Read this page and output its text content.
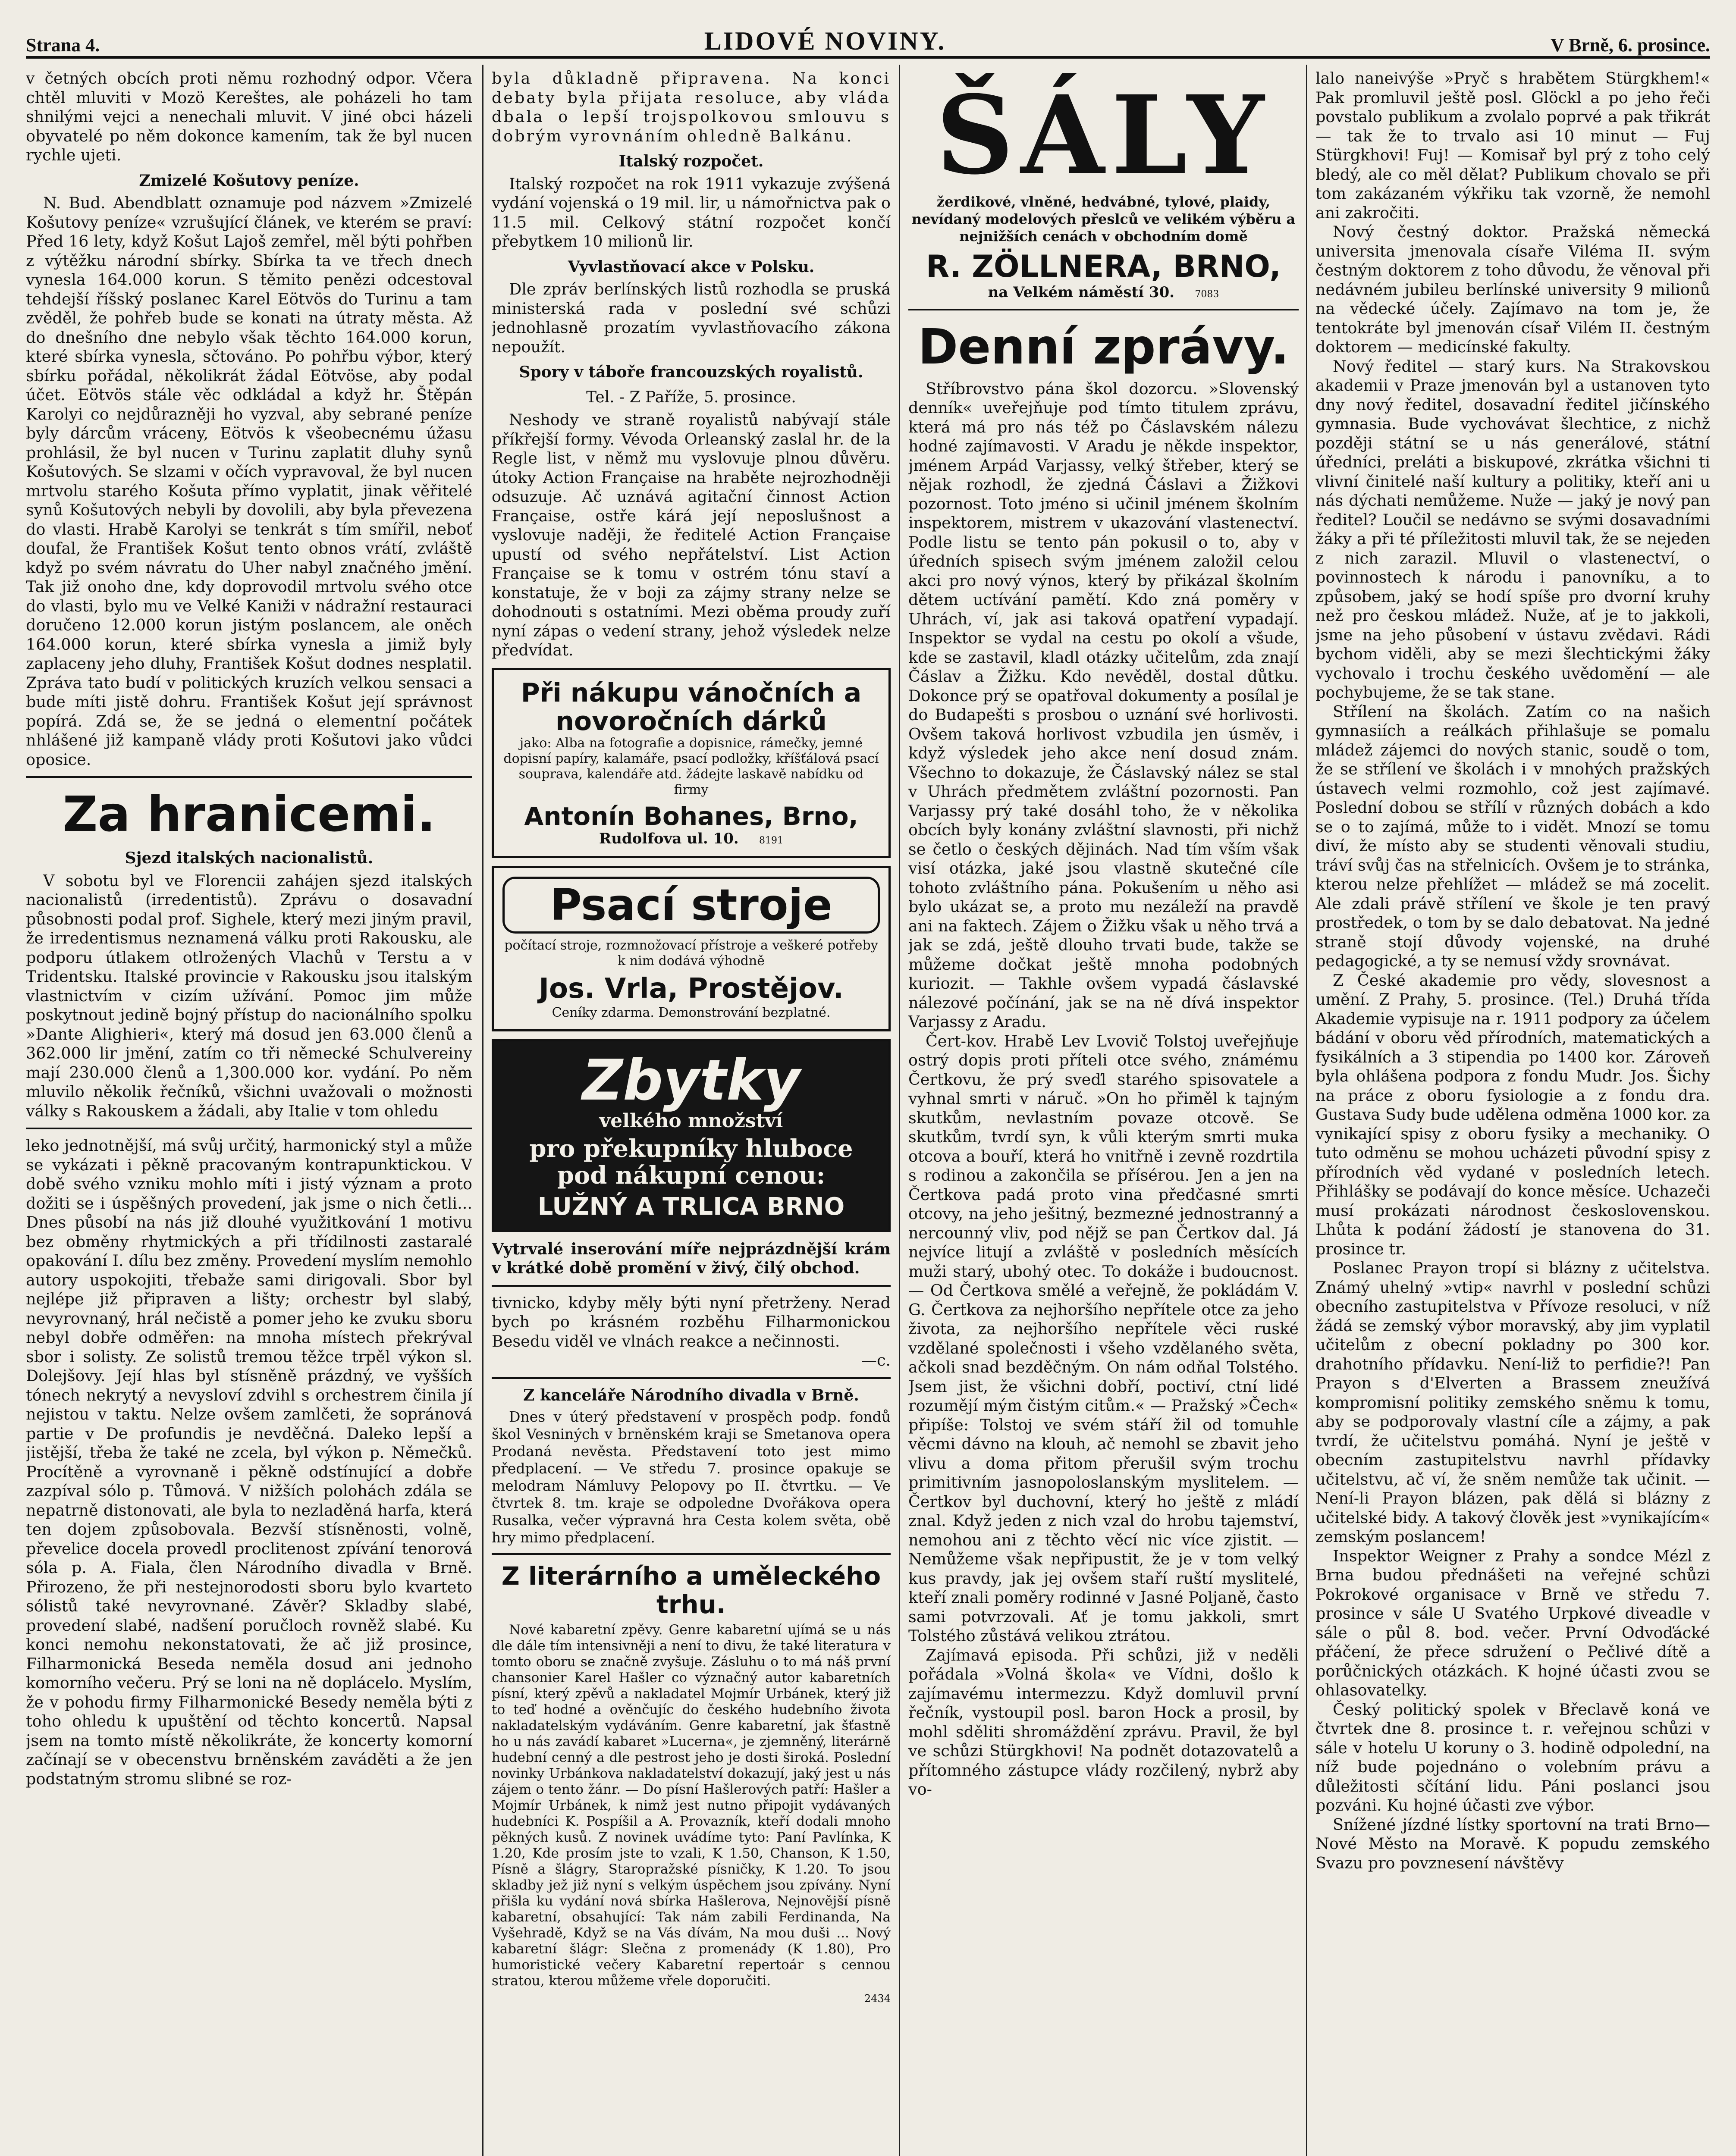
Strana 4.	LIDOVÉ NOVINY.	V Brně, 6. prosince.

v četných obcích proti němu rozhodný odpor. Včera chtěl mluviti v Mozö Kereštes, ale poházeli ho tam shnilými vejci a nenechali mluvit. V jiné obci házeli obyvatelé po něm dokonce kamením, tak že byl nucen rychle ujeti.

Zmizelé Košutovy peníze.

N. Bud. Abendblatt oznamuje pod názvem »Zmizelé Košutovy peníze« vzrušující článek, ve kterém se praví: Před 16 lety, když Košut Lajoš zemřel, měl býti pohřben z výtěžku národní sbírky. Sbírka ta ve třech dnech vynesla 164.000 korun. S těmito penězi odcestoval tehdejší říšský poslanec Karel Eötvös do Turinu a tam zvěděl, že pohřeb bude se konati na útraty města. Až do dnešního dne nebylo však těchto 164.000 korun, které sbírka vynesla, sčtováno. Po pohřbu výbor, který sbírku pořádal, několikrát žádal Eötvöse, aby podal účet. Eötvös stále věc odkládal a když hr. Štěpán Karolyi co nejdůrazněji ho vyzval, aby sebrané peníze byly dárcům vráceny, Eötvös k všeobecnému úžasu prohlásil, že byl nucen v Turinu zaplatit dluhy synů Košutových. Se slzami v očích vypravoval, že byl nucen mrtvolu starého Košuta přímo vyplatit, jinak věřitelé synů Košutových nebyli by dovolili, aby byla převezena do vlasti. Hrabě Karolyi se tenkrát s tím smířil, neboť doufal, že František Košut tento obnos vrátí, zvláště když po svém návratu do Uher nabyl značného jmění. Tak již onoho dne, kdy doprovodil mrtvolu svého otce do vlasti, bylo mu ve Velké Kaniži v nádražní restauraci doručeno 12.000 korun jistým poslancem, ale oněch 164.000 korun, které sbírka vynesla a jimiž byly zaplaceny jeho dluhy, František Košut dodnes nesplatil. Zpráva tato budí v politických kruzích velkou sensaci a bude míti jistě dohru. František Košut její správnost popírá. Zdá se, že se jedná o elementní počátek nhlášené již kampaně vlády proti Košutovi jako vůdci oposice.

Za hranicemi.
Sjezd italských nacionalistů.

V sobotu byl ve Florencii zahájen sjezd italských nacionalistů (irredentistů). Zprávu o dosavadní působnosti podal prof. Sighele, který mezi jiným pravil, že irredentismus neznamená válku proti Rakousku, ale podporu útlakem otlrožených Vlachů v Terstu a v Tridentsku. Italské provincie v Rakousku jsou italským vlastnictvím v cizím užívání. Pomoc jim může poskytnout jedině bojný přístup do nacionálního spolku »Dante Alighieri«, který má dosud jen 63.000 členů a 362.000 lir jmění, zatím co tři německé Schulvereiny mají 230.000 členů a 1,300.000 kor. vydání. Po něm mluvilo několik řečníků, všichni uvažovali o možnosti války s Rakouskem a žádali, aby Italie v tom ohledu

leko jednotnější, má svůj určitý, harmonický styl a může se vykázati i pěkně pracovaným kontrapunktickou. V době svého vzniku mohlo míti i jistý význam a proto dožiti se i úspěšných provedení, jak jsme o nich četli... Dnes působí na nás již dlouhé využitkování 1 motivu bez obměny rhytmických a při třídilnosti zastaralé opakování I. dílu bez změny. Provedení myslím nemohlo autory uspokojiti, třebaže sami dirigovali. Sbor byl nejlépe již připraven a lišty; orchestr byl slabý, nevyrovnaný, hrál nečistě a pomer jeho ke zvuku sboru nebyl dobře odměřen: na mnoha místech překrýval sbor i solisty. Ze solistů tremou těžce trpěl výkon sl. Dolejšovy. Její hlas byl stísněně prázdný, ve vyšších tónech nekrytý a nevysloví zdvihl s orchestrem činila jí nejistou v taktu. Nelze ovšem zamlčeti, že sopránová partie v De profundis je nevděčná. Daleko lepší a jistější, třeba že také ne zcela, byl výkon p. Němečků. Procítěně a vyrovnaně i pěkně odstínující a dobře zazpíval sólo p. Tůmová. V nižších polohách zdála se nepatrně distonovati, ale byla to nezladěná harfa, která ten dojem způsobovala. Bezvší stísněnosti, volně, převelice docela provedl proclitenost zpívání tenorová sóla p. A. Fiala, člen Národního divadla v Brně. Přirozeno, že při nestejnorodosti sboru bylo kvarteto sólistů také nevyrovnané. Závěr? Skladby slabé, provedení slabé, nadšení poručloch rovněž slabé. Ku konci nemohu nekonstatovati, že ač již prosince, Filharmonická Beseda neměla dosud ani jednoho komorního večeru. Prý se loni na ně doplácelo. Myslím, že v pohodu firmy Filharmonické Besedy neměla býti z toho ohledu k upuštění od těchto koncertů. Napsal jsem na tomto místě několikráte, že koncerty komorní začínají se v obecenstvu brněnském zaváděti a že jen podstatným stromu slibné se roz-

byla důkladně připravena. Na konci debaty byla přijata resoluce, aby vláda dbala o lepší trojspolkovou smlouvu s dobrým vyrovnáním ohledně Balkánu.

Italský rozpočet.

Italský rozpočet na rok 1911 vykazuje zvýšená vydání vojenská o 19 mil. lir, u námořnictva pak o 11.5 mil. Celkový státní rozpočet končí přebytkem 10 milionů lir.

Vyvlastňovací akce v Polsku.

Dle zpráv berlínských listů rozhodla se pruská ministerská rada v poslední své schůzi jednohlasně prozatím vyvlastňovacího zákona nepoužít.

Spory v táboře francouzských royalistů.
Tel. - Z Paříže, 5. prosince.

Neshody ve straně royalistů nabývají stále příkřejší formy. Vévoda Orleanský zaslal hr. de la Regle list, v němž mu vyslovuje plnou důvěru. útoky Action Française na hraběte nejrozhodněji odsuzuje. Ač uznává agitační činnost Action Française, ostře kárá její neposlušnost a vyslovuje naději, že ředitelé Action Française upustí od svého nepřátelství. List Action Française se k tomu v ostrém tónu staví a konstatuje, že v boji za zájmy strany nelze se dohodnouti s ostatními. Mezi oběma proudy zuří nyní zápas o vedení strany, jehož výsledek nelze předvídat.

Při nákupu vánočních a novoročních dárků
jako: Alba na fotografie a dopisnice, rámečky, jemné dopisní papíry, kalamáře, psací podložky, kříšťálová psací souprava, kalendáře atd. žádejte laskavě nabídku od firmy
Antonín Bohanes, Brno,
Rudolfova ul. 10. 8191
Psací stroje
počítací stroje, rozmnožovací přístroje a veškeré potřeby k nim dodává výhodně
Jos. Vrla, Prostějov.
Ceníky zdarma. Demonstrování bezplatné.
Zbytky
velkého množství
pro překupníky hluboce pod nákupní cenou:
LUŽNÝ A TRLICA BRNO

Vytrvalé inserování míře nejprázdnější krám v krátké době promění v živý, čilý obchod.

tivnicko, kdyby měly býti nyní přetrženy. Nerad bych po krásném rozběhu Filharmonickou Besedu viděl ve vlnách reakce a nečinnosti.

—c.
Z kanceláře Národního divadla v Brně.

Dnes v úterý představení v prospěch podp. fondů škol Vesniných v brněnském kraji se Smetanova opera Prodaná nevěsta. Představení toto jest mimo předplacení. — Ve středu 7. prosince opakuje se melodram Námluvy Pelopovy po II. čtvrtku. — Ve čtvrtek 8. tm. kraje se odpoledne Dvořákova opera Rusalka, večer výpravná hra Cesta kolem světa, obě hry mimo předplacení.

Z literárního a uměleckého trhu.

Nové kabaretní zpěvy. Genre kabaretní ujímá se u nás dle dále tím intensivněji a není to divu, že také literatura v tomto oboru se značně zvyšuje. Zásluhu o to má náš první chansonier Karel Hašler co význačný autor kabaretních písní, který zpěvů a nakladatel Mojmír Urbánek, který již to teď hodné a ověnčujíc do českého hudebního života nakladatelským vydáváním. Genre kabaretní, jak šťastně ho u nás zavádí kabaret »Lucerna«, je zjemněný, literárně hudební cenný a dle pestrost jeho je dosti široká. Poslední novinky Urbánkova nakladatelství dokazují, jaký jest u nás zájem o tento žánr. — Do písní Hašlerových patří: Hašler a Mojmír Urbánek, k nimž jest nutno připojit vydávaných hudebníci K. Pospíšil a A. Provazník, kteří dodali mnoho pěkných kusů. Z novinek uvádíme tyto: Paní Pavlínka, K 1.20, Kde prosím jste to vzali, K 1.50, Chanson, K 1.50, Písně a šlágry, Staropražské písničky, K 1.20. To jsou skladby jež již nyní s velkým úspěchem jsou zpívány. Nyní přišla ku vydání nová sbírka Hašlerova, Nejnovější písně kabaretní, obsahující: Tak nám zabili Ferdinanda, Na Vyšehradě, Když se na Vás dívám, Na mou duši ... Nový kabaretní šlágr: Slečna z promenády (K 1.80), Pro humoristické večery Kabaretní repertoár s cennou stratou, kterou můžeme vřele doporučiti.

2434
ŠÁLY
žerdikové, vlněné, hedvábné, tylové, plaidy, nevídaný modelových přeslců ve velikém výběru a nejnižších cenách v obchodním domě
R. ZÖLLNERA, BRNO,
na Velkém náměstí 30. 7083
Denní zprávy.

Stříbrovstvo pána škol dozorcu. »Slovenský denník« uveřejňuje pod tímto titulem zprávu, která má pro nás též po Čáslavském nálezu hodné zajímavosti. V Aradu je někde inspektor, jménem Arpád Varjassy, velký štřeber, který se nějak rozhodl, že zjedná Čáslavi a Žižkovi pozornost. Toto jméno si učinil jménem školním inspektorem, mistrem v ukazování vlastenectví. Podle listu se tento pán pokusil o to, aby v úředních spisech svým jménem založil celou akci pro nový výnos, který by přikázal školním dětem uctívání pamětí. Kdo zná poměry v Uhrách, ví, jak asi taková opatření vypadají. Inspektor se vydal na cestu po okolí a všude, kde se zastavil, kladl otázky učitelům, zda znají Čáslav a Žižku. Kdo nevěděl, dostal důtku. Dokonce prý se opatřoval dokumenty a posílal je do Budapešti s prosbou o uznání své horlivosti. Ovšem taková horlivost vzbudila jen úsměv, i když výsledek jeho akce není dosud znám. Všechno to dokazuje, že Čáslavský nález se stal v Uhrách předmětem zvláštní pozornosti. Pan Varjassy prý také dosáhl toho, že v několika obcích byly konány zvláštní slavnosti, při nichž se četlo o českých dějinách. Nad tím vším však visí otázka, jaké jsou vlastně skutečné cíle tohoto zvláštního pána. Pokušením u něho asi bylo ukázat se, a proto mu nezáleží na pravdě ani na faktech. Zájem o Žižku však u něho trvá a jak se zdá, ještě dlouho trvati bude, takže se můžeme dočkat ještě mnoha podobných kuriozit. — Takhle ovšem vypadá čáslavské nálezové počínání, jak se na ně dívá inspektor Varjassy z Aradu.

Čert-kov. Hrabě Lev Lvovič Tolstoj uveřejňuje ostrý dopis proti příteli otce svého, známému Čertkovu, že prý sveďl starého spisovatele a vyhnal smrti v náruč. »On ho přiměl k tajným skutkům, nevlastním povaze otcově. Se skutkům, tvrdí syn, k vůli kterým smrti muka otcova a bouří, která ho vnitřně i zevně rozdrtila s rodinou a zakončila se přísérou. Jen a jen na Čertkova padá proto vina předčasné smrti otcovy, na jeho ješitný, bezmezné jednostranný a nercounný vliv, pod nějž se pan Čertkov dal. Já nejvíce litují a zvláště v posledních měsících muži starý, ubohý otec. To dokáže i budoucnost. — Od Čertkova smělé a veřejně, že pokládám V. G. Čertkova za nejhoršího nepřítele otce za jeho života, za nejhoršího nepřítele věci ruské vzdělané společnosti i všeho vzdělaného světa, ačkoli snad bezděčným. On nám odňal Tolstého. Jsem jist, že všichni dobří, poctiví, ctní lidé rozumějí mým čistým citům.« — Pražský »Čech« připíše: Tolstoj ve svém stáří žil od tomuhle věcmi dávno na klouh, ač nemohl se zbavit jeho vlivu a doma přitom přerušil svým trochu primitivním jasnopoloslanským myslitelem. — Čertkov byl duchovní, který ho ještě z mládí znal. Když jeden z nich vzal do hrobu tajemství, nemohou ani z těchto věcí nic více zjistit. — Nemůžeme však nepřipustit, že je v tom velký kus pravdy, jak jej ovšem staří ruští myslitelé, kteří znali poměry rodinné v Jasné Poljaně, často sami potvrzovali. Ať je tomu jakkoli, smrt Tolstého zůstává velikou ztrátou.

Zajímavá episoda. Při schůzi, již v neděli pořádala »Volná škola« ve Vídni, došlo k zajímavému intermezzu. Když domluvil první řečník, vystoupil posl. baron Hock a prosil, by mohl sděliti shromáždění zprávu. Pravil, že byl ve schůzi Stürgkhovi! Na podnět dotazovatelů a přítomného zástupce vlády rozčilený, nybrž aby vo-

lalo naneivýše »Pryč s hrabětem Stürgkhem!« Pak promluvil ještě posl. Glöckl a po jeho řeči povstalo publikum a zvolalo poprvé a pak třikrát — tak že to trvalo asi 10 minut — Fuj Stürgkhovi! Fuj! — Komisař byl prý z toho celý bledý, ale co měl dělat? Publikum chovalo se při tom zakázaném výkřiku tak vzorně, že nemohl ani zakročiti.

Nový čestný doktor. Pražská německá universita jmenovala císaře Viléma II. svým čestným doktorem z toho důvodu, že věnoval při nedávném jubileu berlínské university 9 milionů na vědecké účely. Zajímavo na tom je, že tentokráte byl jmenován císař Vilém II. čestným doktorem — medicínské fakulty.

Nový ředitel — starý kurs. Na Strakovskou akademii v Praze jmenován byl a ustanoven tyto dny nový ředitel, dosavadní ředitel jičínského gymnasia. Bude vychovávat šlechtice, z nichž později státní se u nás generálové, státní úředníci, preláti a biskupové, zkrátka všichni ti vlivní činitelé naší kultury a politiky, kteří ani u nás dýchati nemůžeme. Nuže — jaký je nový pan ředitel? Loučil se nedávno se svými dosavadními žáky a při té příležitosti mluvil tak, že se nejeden z nich zarazil. Mluvil o vlastenectví, o povinnostech k národu i panovníku, a to způsobem, jaký se hodí spíše pro dvorní kruhy než pro českou mládež. Nuže, ať je to jakkoli, jsme na jeho působení v ústavu zvědavi. Rádi bychom viděli, aby se mezi šlechtickými žáky vychovalo i trochu českého uvědomění — ale pochybujeme, že se tak stane.

Střílení na školách. Zatím co na našich gymnasiích a reálkách přihlašuje se pomalu mládež zájemci do nových stanic, soudě o tom, že se střílení ve školách i v mnohých pražských ústavech velmi rozmohlo, což jest zajímavé. Poslední dobou se střílí v různých dobách a kdo se o to zajímá, může to i vidět. Mnozí se tomu diví, že místo aby se studenti věnovali studiu, tráví svůj čas na střelnicích. Ovšem je to stránka, kterou nelze přehlížet — mládež se má zocelit. Ale zdali právě střílení ve škole je ten pravý prostředek, o tom by se dalo debatovat. Na jedné straně stojí důvody vojenské, na druhé pedagogické, a ty se nemusí vždy srovnávat.

Z České akademie pro vědy, slovesnost a umění. Z Prahy, 5. prosince. (Tel.) Druhá třída Akademie vypisuje na r. 1911 podpory za účelem bádání v oboru věd přírodních, matematických a fysikálních a 3 stipendia po 1400 kor. Zároveň byla ohlášena podpora z fondu Mudr. Jos. Šichy na práce z oboru fysiologie a z fondu dra. Gustava Sudy bude udělena odměna 1000 kor. za vynikající spisy z oboru fysiky a mechaniky. O tuto odměnu se mohou ucházeti původní spisy z přírodních věd vydané v posledních letech. Přihlášky se podávají do konce měsíce. Uchazeči musí prokázati národnost československou. Lhůta k podání žádostí je stanovena do 31. prosince tr.

Poslanec Prayon tropí si blázny z učitelstva. Známý uhelný »vtip« navrhl v poslední schůzi obecního zastupitelstva v Přívoze resoluci, v níž žádá se zemský výbor moravský, aby jim vyplatil učitelům z obecní pokladny po 300 kor. drahotního přídavku. Není-liž to perfidie?! Pan Prayon s d'Elverten a Brassem zneužívá kompromisní politiky zemského sněmu k tomu, aby se podporovaly vlastní cíle a zájmy, a pak tvrdí, že učitelstvu pomáhá. Nyní je ještě v obecním zastupitelstvu navrhl přídavky učitelstvu, ač ví, že sněm nemůže tak učinit. — Není-li Prayon blázen, pak dělá si blázny z učitelské bidy. A takový člověk jest »vynikajícím« zemským poslancem!

Inspektor Weigner z Prahy a sondce Mézl z Brna budou přednášeti na veřejné schůzi Pokrokové organisace v Brně ve středu 7. prosince v sále U Svatého Urpkové diveadle v sále o půl 8. bod. večer. První Odvoďácké přáčení, že přece sdružení o Pečlivé dítě a porůčnických otázkách. K hojné účasti zvou se ohlasovatelky.

Český politický spolek v Břeclavě koná ve čtvrtek dne 8. prosince t. r. veřejnou schůzi v sále v hotelu U koruny o 3. hodině odpolední, na níž bude pojednáno o volebním právu a důležitosti sčítání lidu. Páni poslanci jsou pozváni. Ku hojné účasti zve výbor.

Snížené jízdné lístky sportovní na trati Brno—Nové Město na Moravě. K popudu zemského Svazu pro povznesení návštěvy
